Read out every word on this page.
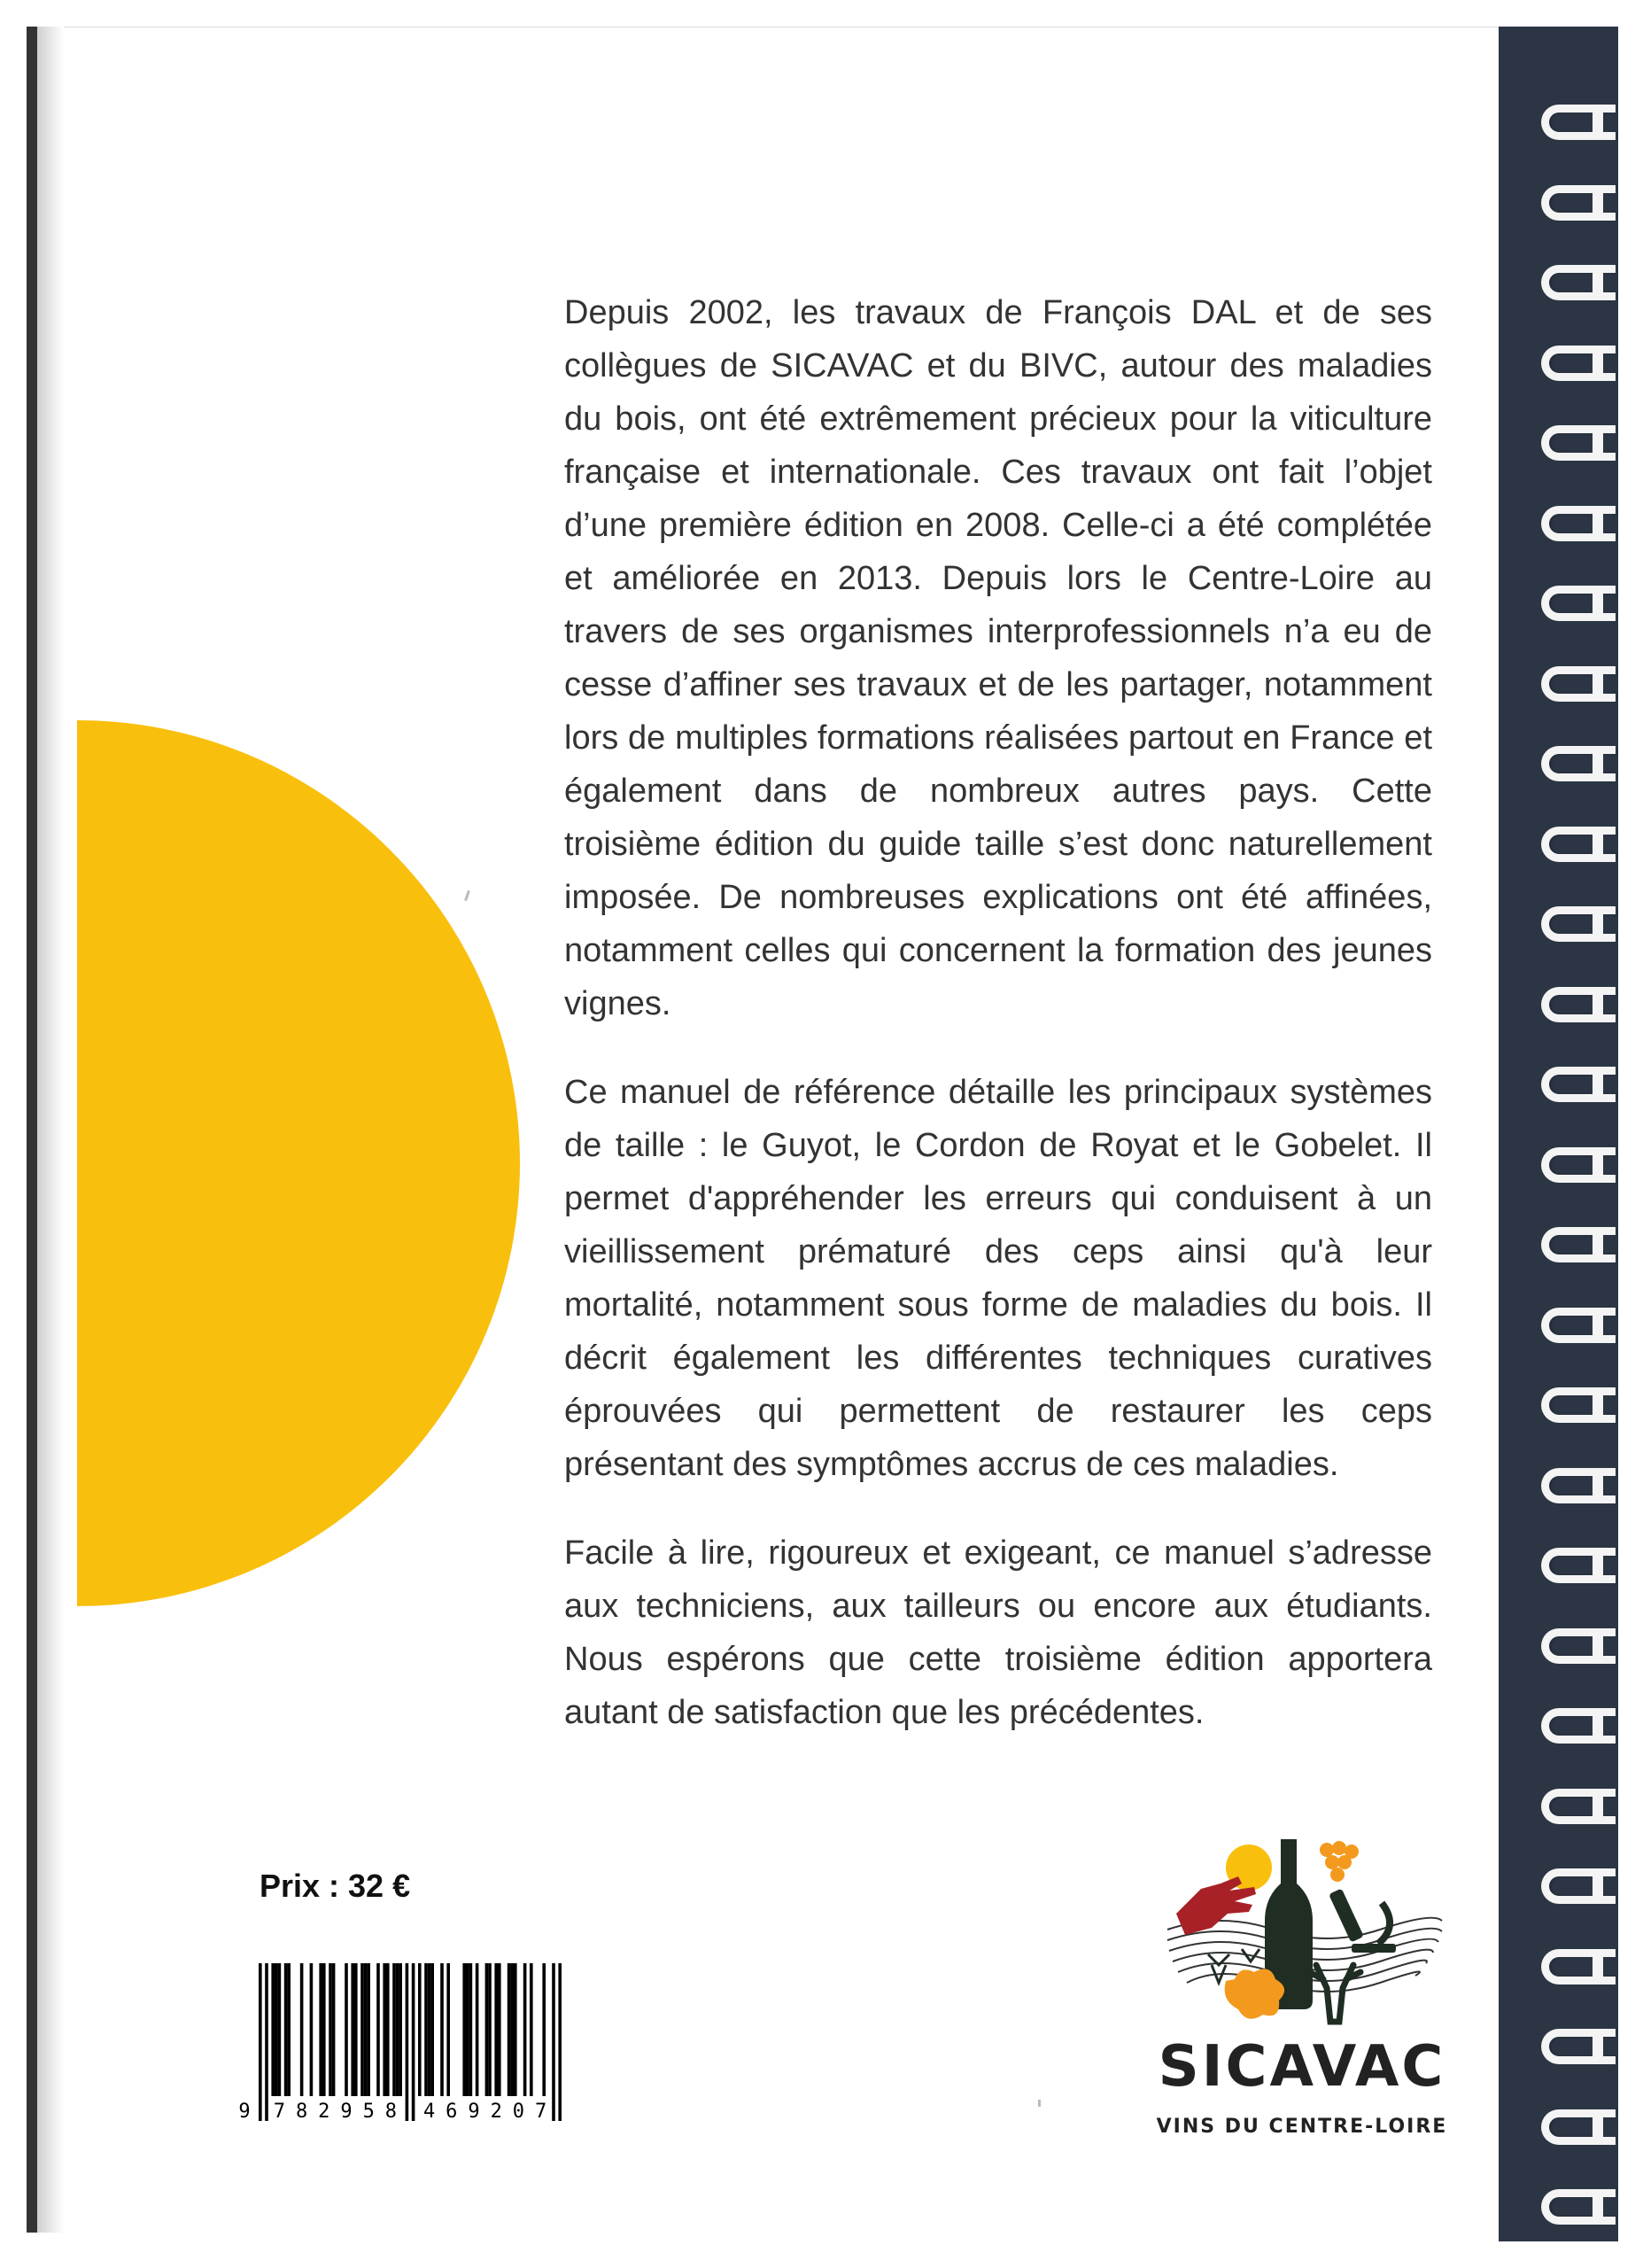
Depuis 2002, les travaux de François DAL et de ses collègues de SICAVAC et du BIVC, autour des maladies du bois, ont été extrêmement précieux pour la viticulture française et internationale. Ces travaux ont fait l’objet d’une première édition en 2008. Celle-ci a été complétée et améliorée en 2013. Depuis lors le Centre-Loire au travers de ses organismes interprofessionnels n’a eu de cesse d’affiner ses travaux et de les partager, notamment lors de multiples formations réalisées partout en France et également dans de nombreux autres pays. Cette troisième édition du guide taille s’est donc naturellement imposée. De nombreuses explications ont été affinées, notamment celles qui concernent la formation des jeunes vignes.

Ce manuel de référence détaille les principaux systèmes de taille : le Guyot, le Cordon de Royat et le Gobelet. Il permet d'appréhender les erreurs qui conduisent à un vieillissement prématuré des ceps ainsi qu'à leur mortalité, notamment sous forme de maladies du bois. Il décrit également les différentes techniques curatives éprouvées qui permettent de restaurer les ceps présentant des symptômes accrus de ces maladies.

Facile à lire, rigoureux et exigeant, ce manuel s’adresse aux techniciens, aux tailleurs ou encore aux étudiants. Nous espérons que cette troisième édition apportera autant de satisfaction que les précédentes.

Prix : 32 €
9 7 8 2 9 5 8 4 6 9 2 0 7
SICAVAC
VINS DU CENTRE-LOIRE
